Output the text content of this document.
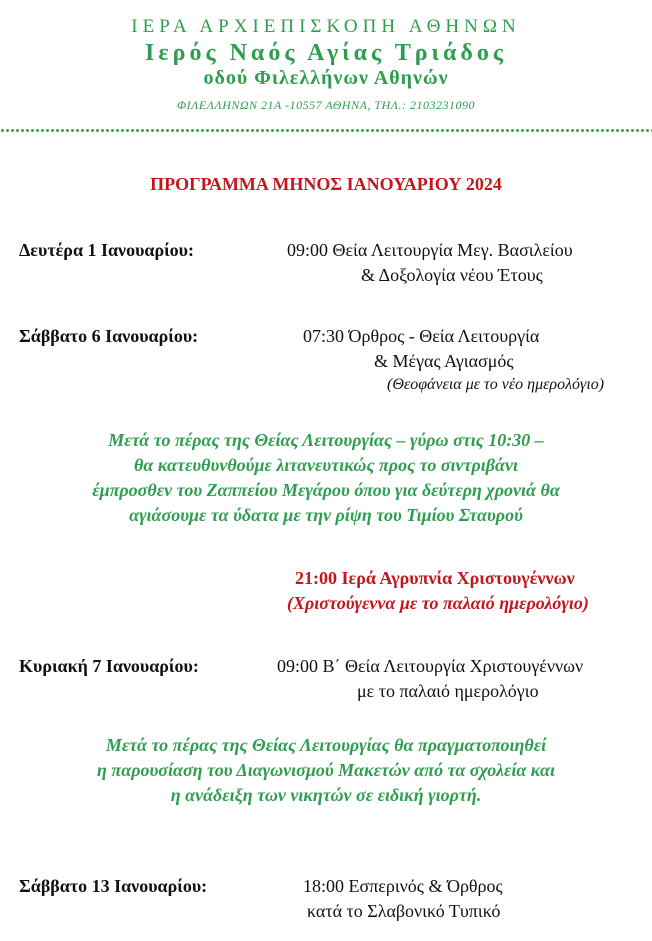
ΙΕΡΑ ΑΡΧΙΕΠΙΣΚΟΠΗ ΑΘΗΝΩΝ
Ιερός Ναός Αγίας Τριάδος
οδού Φιλελλήνων Αθηνών
ΦΙΛΕΛΛΗΝΩΝ 21Α -10557 ΑΘΗΝΑ, ΤΗΛ.: 2103231090
ΠΡΟΓΡΑΜΜΑ ΜΗΝΟΣ ΙΑΝΟΥΑΡΙΟΥ 2024
Δευτέρα 1 Ιανουαρίου:	09:00 Θεία Λειτουργία Μεγ. Βασιλείου
& Δοξολογία νέου Έτους
Σάββατο 6 Ιανουαρίου:	07:30 Όρθρος - Θεία Λειτουργία
& Μέγας Αγιασμός
(Θεοφάνεια με το νέο ημερολόγιο)
Μετά το πέρας της Θείας Λειτουργίας – γύρω στις 10:30 –
θα κατευθυνθούμε λιτανευτικώς προς το σιντριβάνι
έμπροσθεν του Ζαππείου Μεγάρου όπου για δεύτερη χρονιά θα
αγιάσουμε τα ύδατα με την ρίψη του Τιμίου Σταυρού
21:00 Ιερά Αγρυπνία Χριστουγέννων
(Χριστούγεννα με το παλαιό ημερολόγιο)
Κυριακή 7 Ιανουαρίου:	09:00 Β΄ Θεία Λειτουργία Χριστουγέννων
με το παλαιό ημερολόγιο
Μετά το πέρας της Θείας Λειτουργίας θα πραγματοποιηθεί
η παρουσίαση του Διαγωνισμού Μακετών από τα σχολεία και
η ανάδειξη των νικητών σε ειδική γιορτή.
Σάββατο 13 Ιανουαρίου:	18:00 Εσπερινός & Όρθρος
κατά το Σλαβονικό Τυπικό
